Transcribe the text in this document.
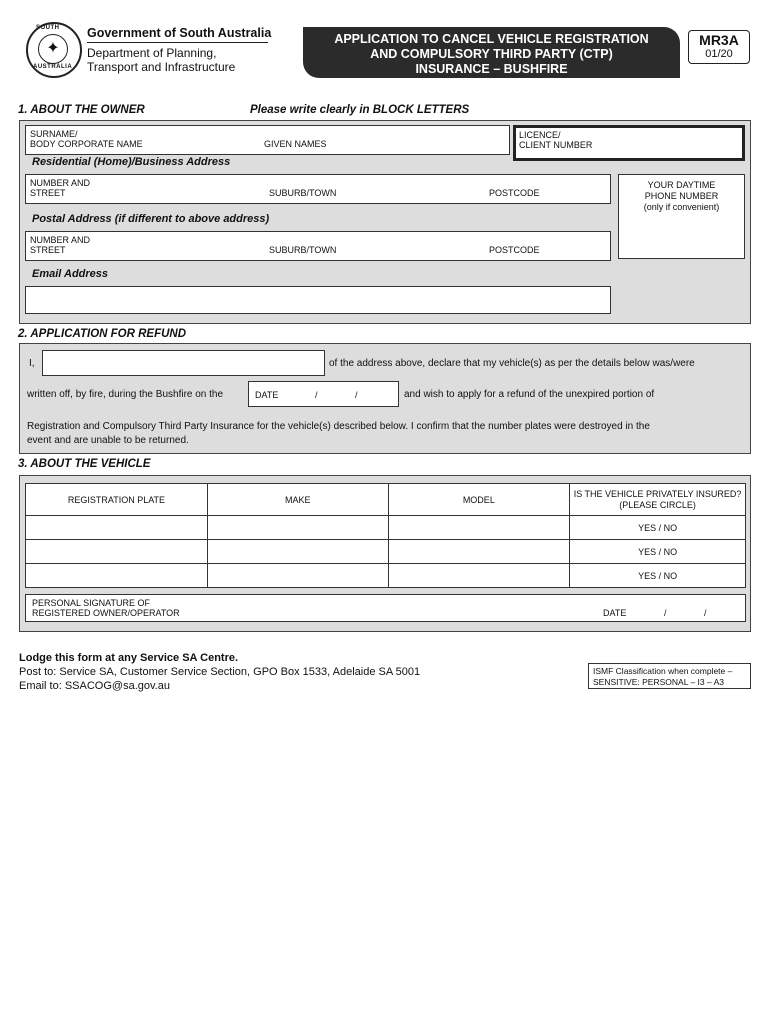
SOUTH
✦
AUSTRALIA
Government of South Australia
Department of Planning,
Transport and Infrastructure
APPLICATION TO CANCEL VEHICLE REGISTRATION
AND COMPULSORY THIRD PARTY (CTP)
INSURANCE – BUSHFIRE
MR3A
01/20
1. ABOUT THE OWNER	Please write clearly in BLOCK LETTERS
SURNAME/
BODY CORPORATE NAME	GIVEN NAMES
LICENCE/
CLIENT NUMBER
Residential (Home)/Business Address
NUMBER AND
STREET	SUBURB/TOWN	POSTCODE
YOUR DAYTIME
PHONE NUMBER
(only if convenient)
Postal Address (if different to above address)
NUMBER AND
STREET	SUBURB/TOWN	POSTCODE
Email Address
2. APPLICATION FOR REFUND
I,	of the address above, declare that my vehicle(s) as per the details below was/were
written off, by fire, during the Bushfire on the	DATE	/	/	and wish to apply for a refund of the unexpired portion of
Registration and Compulsory Third Party Insurance for the vehicle(s) described below. I confirm that the number plates were destroyed in the
event and are unable to be returned.
3. ABOUT THE VEHICLE
REGISTRATION PLATE	MAKE	MODEL	IS THE VEHICLE PRIVATELY INSURED?
(PLEASE CIRCLE)

			YES / NO
			YES / NO
			YES / NO
PERSONAL SIGNATURE OF
REGISTERED OWNER/OPERATOR	DATE	/	/
Lodge this form at any Service SA Centre.
Post to: Service SA, Customer Service Section, GPO Box 1533, Adelaide SA 5001
Email to: SSACOG@sa.gov.au
ISMF Classification when complete –
SENSITIVE: PERSONAL – I3 – A3
